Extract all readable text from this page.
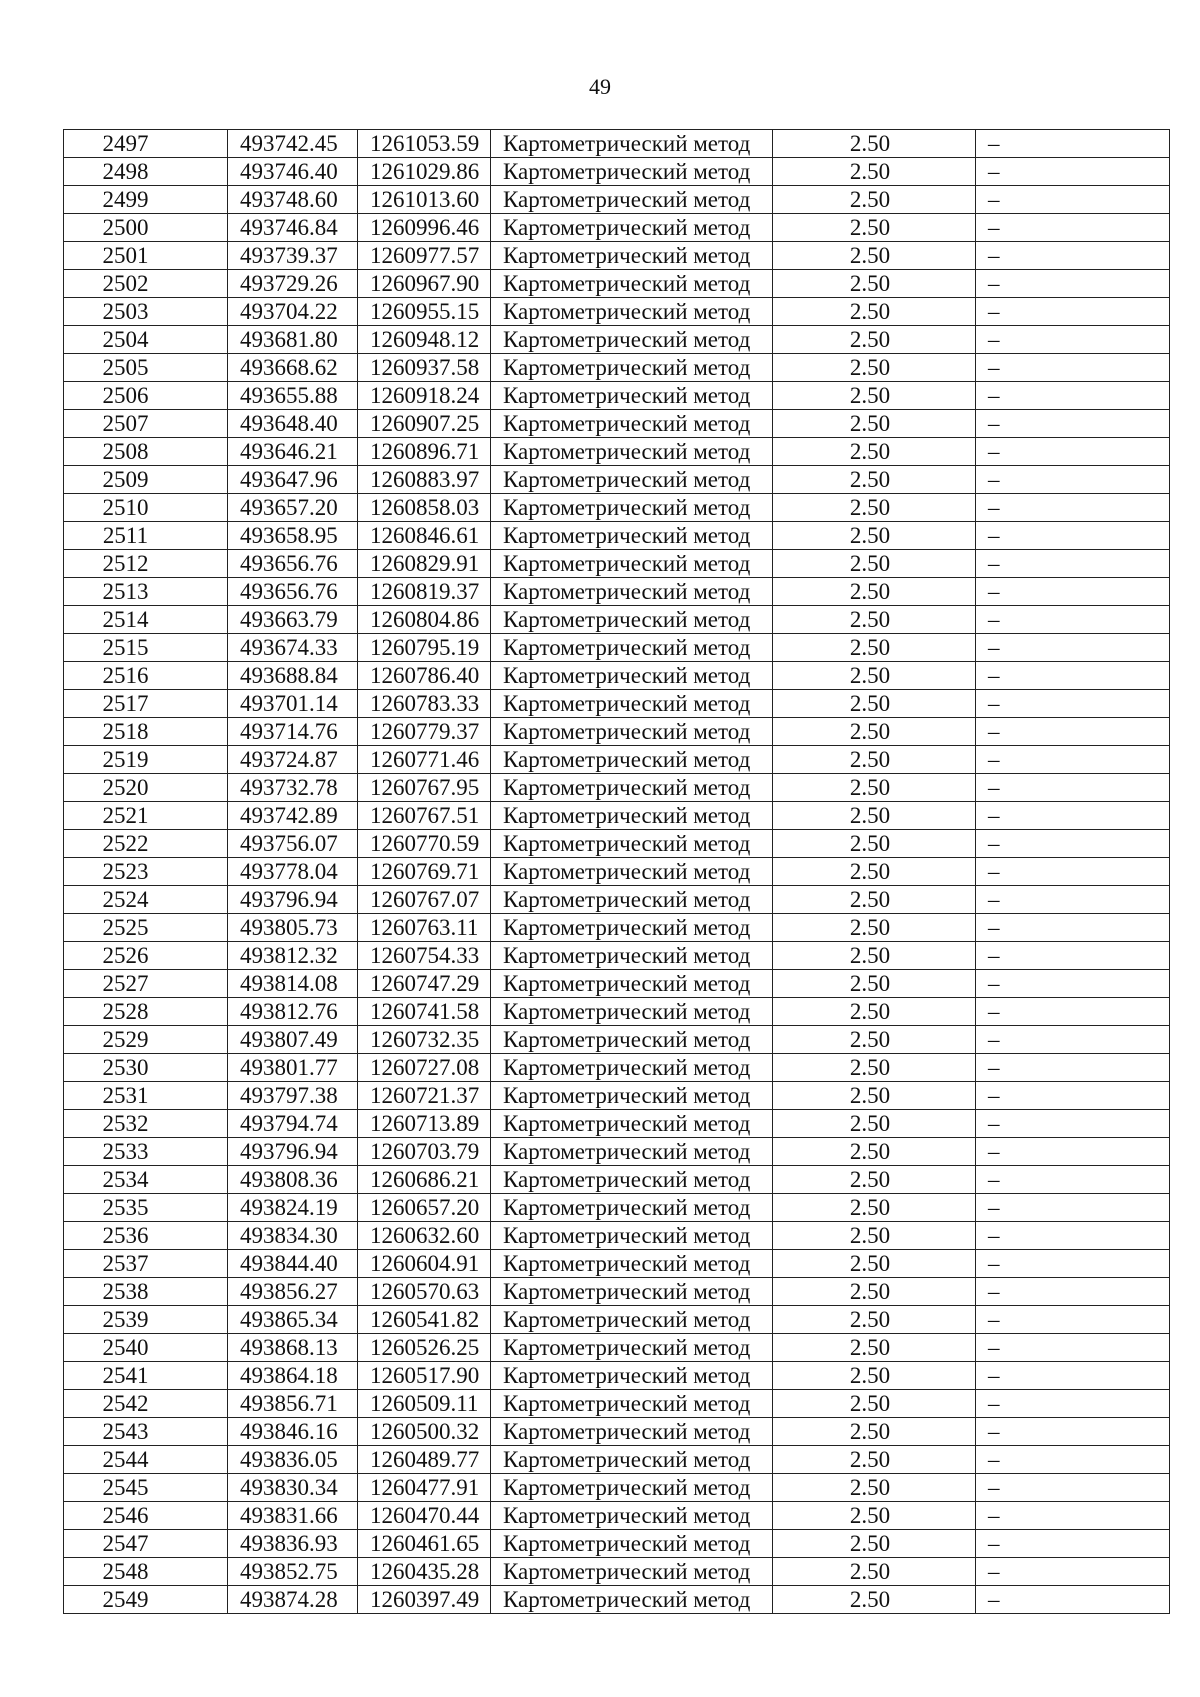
49
2497	493742.45	1261053.59	Картометрический метод	2.50	–
2498	493746.40	1261029.86	Картометрический метод	2.50	–
2499	493748.60	1261013.60	Картометрический метод	2.50	–
2500	493746.84	1260996.46	Картометрический метод	2.50	–
2501	493739.37	1260977.57	Картометрический метод	2.50	–
2502	493729.26	1260967.90	Картометрический метод	2.50	–
2503	493704.22	1260955.15	Картометрический метод	2.50	–
2504	493681.80	1260948.12	Картометрический метод	2.50	–
2505	493668.62	1260937.58	Картометрический метод	2.50	–
2506	493655.88	1260918.24	Картометрический метод	2.50	–
2507	493648.40	1260907.25	Картометрический метод	2.50	–
2508	493646.21	1260896.71	Картометрический метод	2.50	–
2509	493647.96	1260883.97	Картометрический метод	2.50	–
2510	493657.20	1260858.03	Картометрический метод	2.50	–
2511	493658.95	1260846.61	Картометрический метод	2.50	–
2512	493656.76	1260829.91	Картометрический метод	2.50	–
2513	493656.76	1260819.37	Картометрический метод	2.50	–
2514	493663.79	1260804.86	Картометрический метод	2.50	–
2515	493674.33	1260795.19	Картометрический метод	2.50	–
2516	493688.84	1260786.40	Картометрический метод	2.50	–
2517	493701.14	1260783.33	Картометрический метод	2.50	–
2518	493714.76	1260779.37	Картометрический метод	2.50	–
2519	493724.87	1260771.46	Картометрический метод	2.50	–
2520	493732.78	1260767.95	Картометрический метод	2.50	–
2521	493742.89	1260767.51	Картометрический метод	2.50	–
2522	493756.07	1260770.59	Картометрический метод	2.50	–
2523	493778.04	1260769.71	Картометрический метод	2.50	–
2524	493796.94	1260767.07	Картометрический метод	2.50	–
2525	493805.73	1260763.11	Картометрический метод	2.50	–
2526	493812.32	1260754.33	Картометрический метод	2.50	–
2527	493814.08	1260747.29	Картометрический метод	2.50	–
2528	493812.76	1260741.58	Картометрический метод	2.50	–
2529	493807.49	1260732.35	Картометрический метод	2.50	–
2530	493801.77	1260727.08	Картометрический метод	2.50	–
2531	493797.38	1260721.37	Картометрический метод	2.50	–
2532	493794.74	1260713.89	Картометрический метод	2.50	–
2533	493796.94	1260703.79	Картометрический метод	2.50	–
2534	493808.36	1260686.21	Картометрический метод	2.50	–
2535	493824.19	1260657.20	Картометрический метод	2.50	–
2536	493834.30	1260632.60	Картометрический метод	2.50	–
2537	493844.40	1260604.91	Картометрический метод	2.50	–
2538	493856.27	1260570.63	Картометрический метод	2.50	–
2539	493865.34	1260541.82	Картометрический метод	2.50	–
2540	493868.13	1260526.25	Картометрический метод	2.50	–
2541	493864.18	1260517.90	Картометрический метод	2.50	–
2542	493856.71	1260509.11	Картометрический метод	2.50	–
2543	493846.16	1260500.32	Картометрический метод	2.50	–
2544	493836.05	1260489.77	Картометрический метод	2.50	–
2545	493830.34	1260477.91	Картометрический метод	2.50	–
2546	493831.66	1260470.44	Картометрический метод	2.50	–
2547	493836.93	1260461.65	Картометрический метод	2.50	–
2548	493852.75	1260435.28	Картометрический метод	2.50	–
2549	493874.28	1260397.49	Картометрический метод	2.50	–
